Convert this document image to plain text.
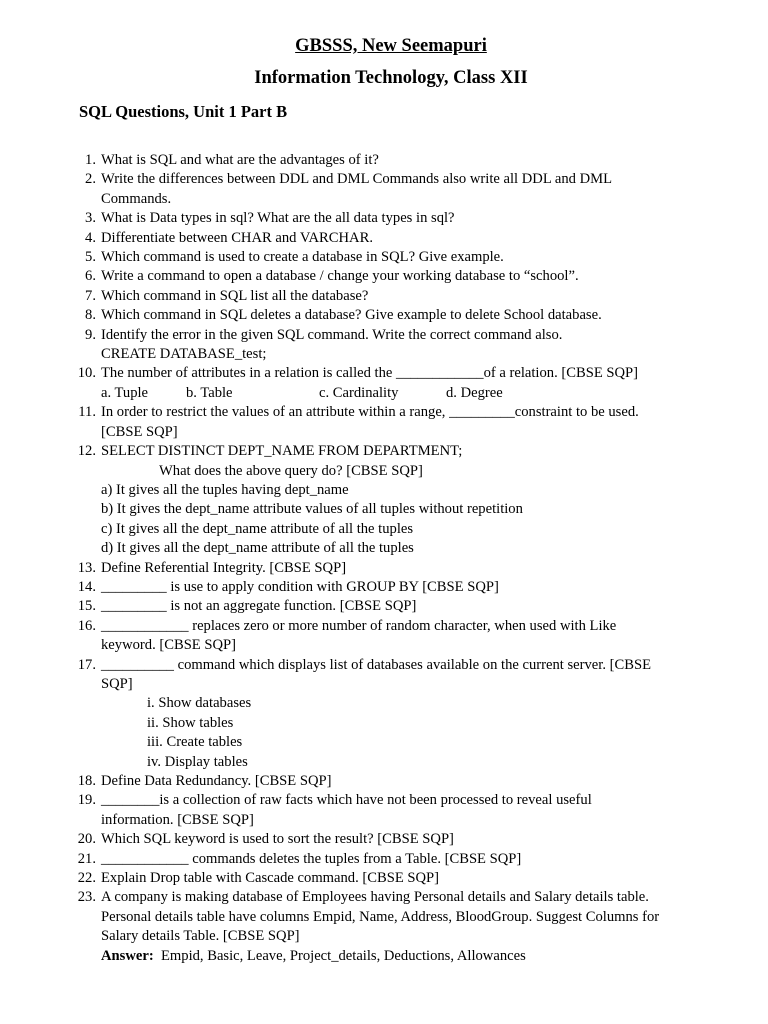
GBSSS, New Seemapuri
Information Technology, Class XII
SQL Questions, Unit 1 Part B
1. What is SQL and what are the advantages of it?
2. Write the differences between DDL and DML Commands also write all DDL and DML
Commands.
3. What is Data types in sql? What are the all data types in sql?
4. Differentiate between CHAR and VARCHAR.
5. Which command is used to create a database in SQL? Give example.
6. Write a command to open a database / change your working database to “school”.
7. Which command in SQL list all the database?
8. Which command in SQL deletes a database? Give example to delete School database.
9. Identify the error in the given SQL command. Write the correct command also.
CREATE DATABASE_test;
10. The number of attributes in a relation is called the ____________of a relation. [CBSE SQP]
a. Tuple	b. Table	c. Cardinality	d. Degree
11. In order to restrict the values of an attribute within a range, _________constraint to be used.
[CBSE SQP]
12. SELECT DISTINCT DEPT_NAME FROM DEPARTMENT;
What does the above query do? [CBSE SQP]
a) It gives all the tuples having dept_name
b) It gives the dept_name attribute values of all tuples without repetition
c) It gives all the dept_name attribute of all the tuples
d) It gives all the dept_name attribute of all the tuples
13. Define Referential Integrity. [CBSE SQP]
14. _________ is use to apply condition with GROUP BY [CBSE SQP]
15. _________ is not an aggregate function. [CBSE SQP]
16. ____________ replaces zero or more number of random character, when used with Like
keyword. [CBSE SQP]
17. __________ command which displays list of databases available on the current server. [CBSE
SQP]
i. Show databases
ii. Show tables
iii. Create tables
iv. Display tables
18. Define Data Redundancy. [CBSE SQP]
19. ________is a collection of raw facts which have not been processed to reveal useful
information. [CBSE SQP]
20. Which SQL keyword is used to sort the result? [CBSE SQP]
21. ____________ commands deletes the tuples from a Table. [CBSE SQP]
22. Explain Drop table with Cascade command. [CBSE SQP]
23. A company is making database of Employees having Personal details and Salary details table.
Personal details table have columns Empid, Name, Address, BloodGroup. Suggest Columns for
Salary details Table. [CBSE SQP]
Answer:  Empid, Basic, Leave, Project_details, Deductions, Allowances
